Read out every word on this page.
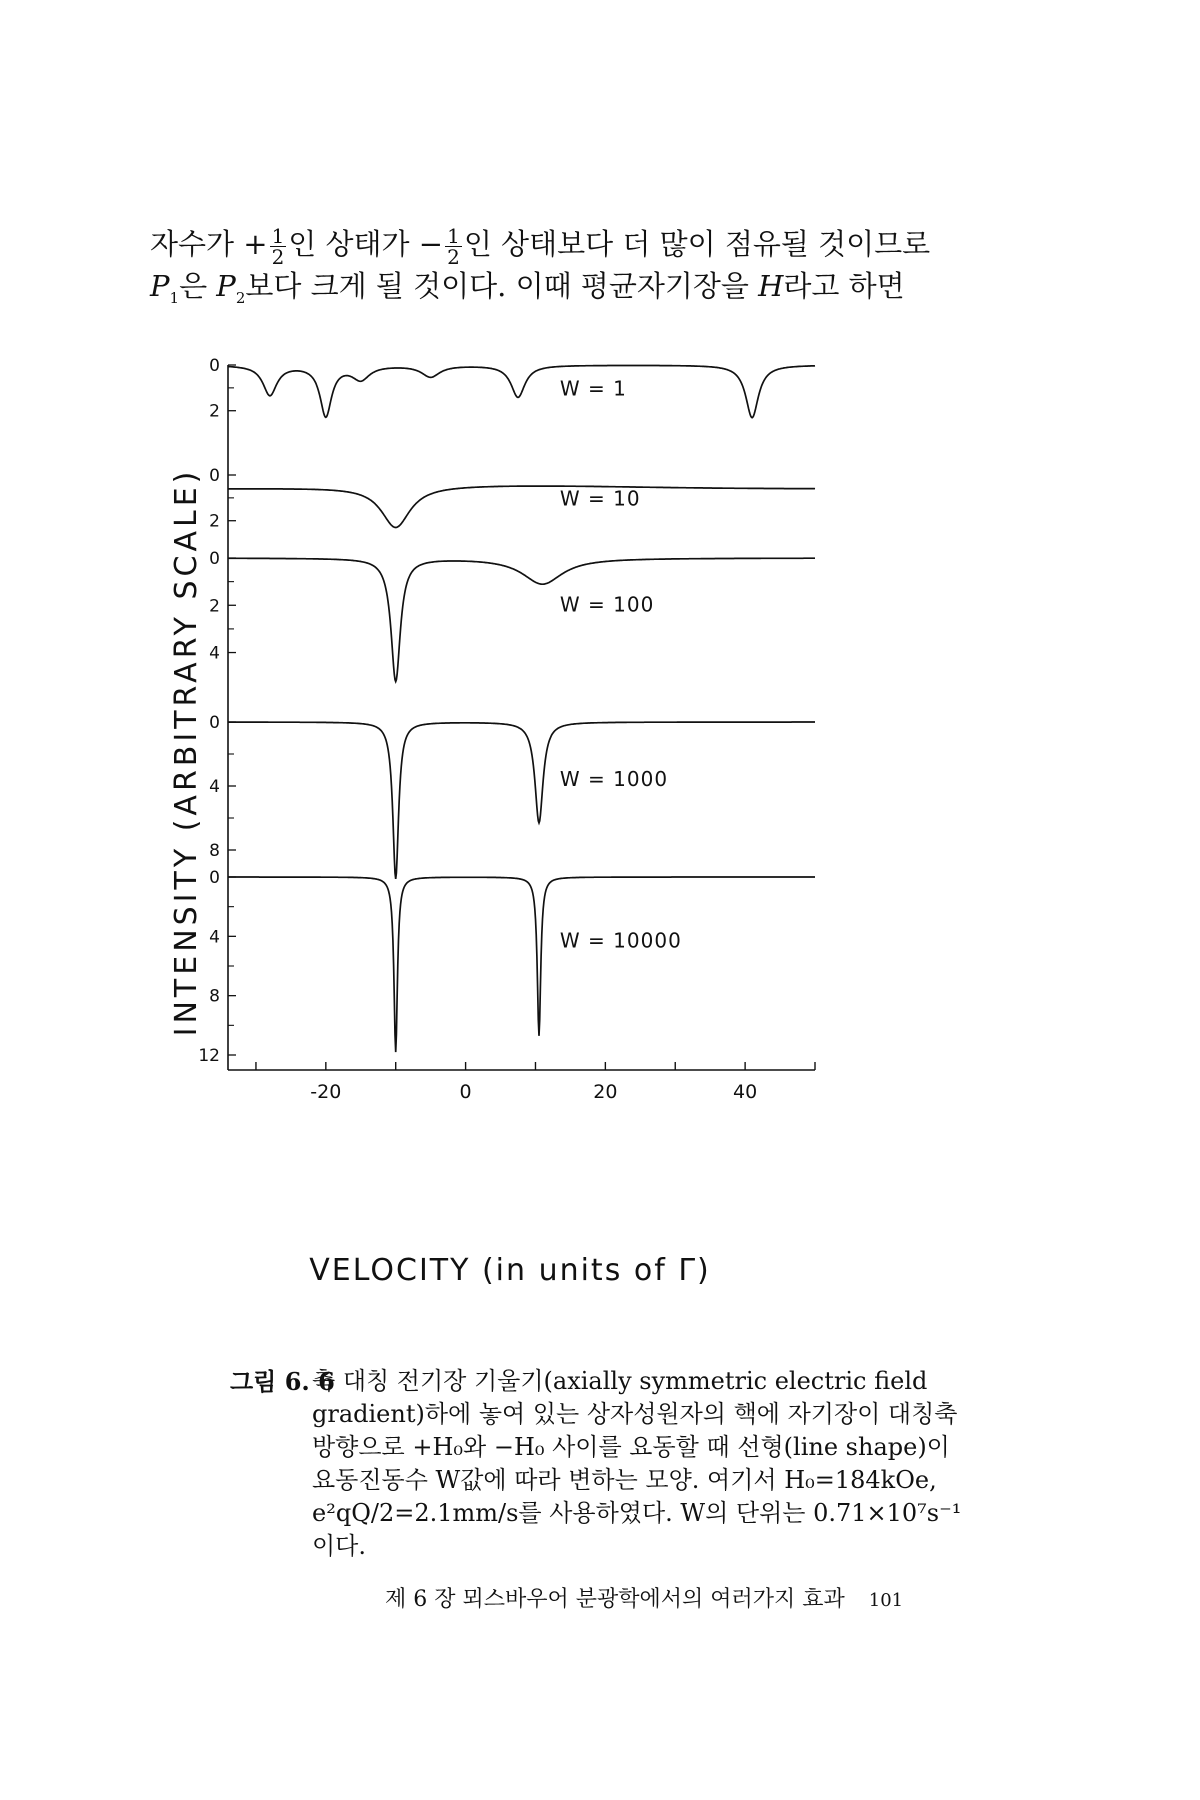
자수가 + $\frac{1}{2}$ 인 상태가 − $\frac{1}{2}$ 인 상태보다 더 많이 점유될 것이므로
$P_1$은 $P_2$보다 크게 될 것이다. 이때 평균자기장을 H라고 하면
-20	0	20	40
0
2
W = 1
0
2
W = 10
0
2
4
W = 100
0
4
8
W = 1000
0
4
8
12
W = 10000
INTENSITY (ARBITRARY SCALE)
VELOCITY (in units of Γ)
그림 6. 6
축 대칭 전기장 기울기(axially symmetric electric field
gradient)하에 놓여 있는 상자성원자의 핵에 자기장이 대칭축
방향으로 +H₀와 −H₀ 사이를 요동할 때 선형(line shape)이
요동진동수 W값에 따라 변하는 모양. 여기서 H₀=184kOe,
e²qQ/2=2.1mm/s를 사용하였다. W의 단위는 0.71×10⁷s⁻¹
이다.
제 6 장 뫼스바우어 분광학에서의 여러가지 효과 101
